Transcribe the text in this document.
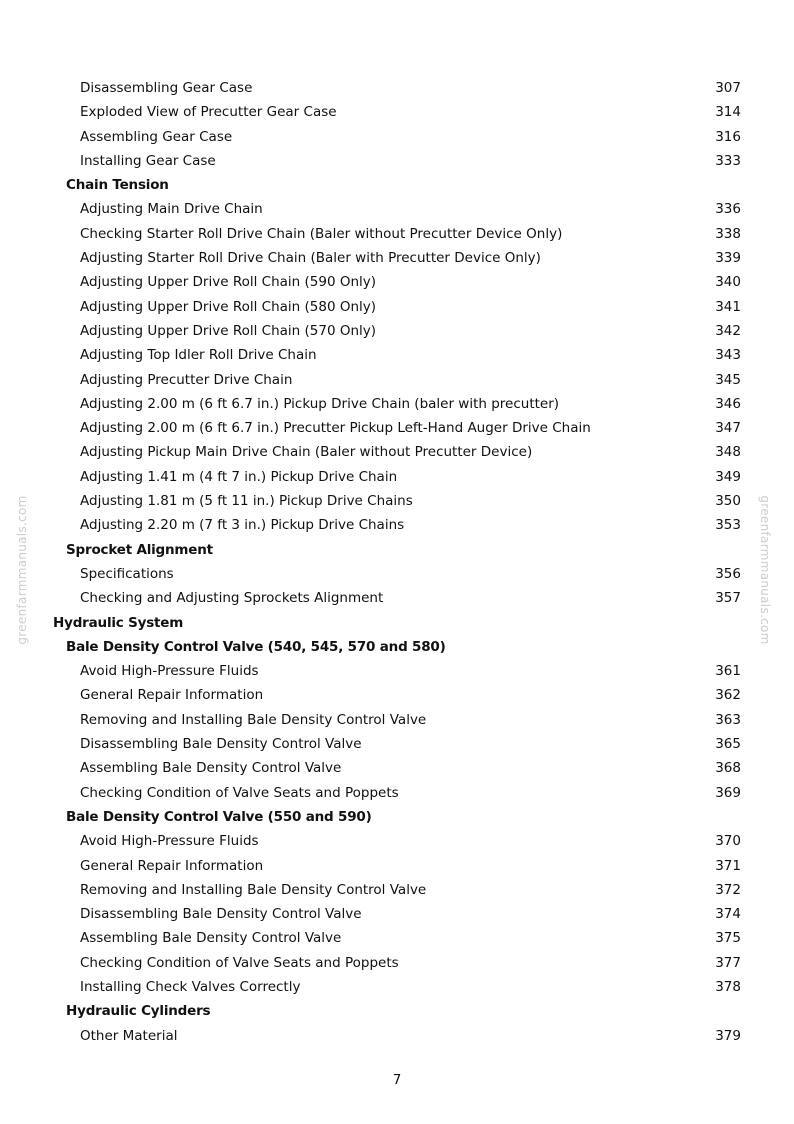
greenfarmmanuals.com	greenfarmmanuals.com
Disassembling Gear Case	307
Exploded View of Precutter Gear Case	314
Assembling Gear Case	316
Installing Gear Case	333
Chain Tension
Adjusting Main Drive Chain	336
Checking Starter Roll Drive Chain (Baler without Precutter Device Only)	338
Adjusting Starter Roll Drive Chain (Baler with Precutter Device Only)	339
Adjusting Upper Drive Roll Chain (590 Only)	340
Adjusting Upper Drive Roll Chain (580 Only)	341
Adjusting Upper Drive Roll Chain (570 Only)	342
Adjusting Top Idler Roll Drive Chain	343
Adjusting Precutter Drive Chain	345
Adjusting 2.00 m (6 ft 6.7 in.) Pickup Drive Chain (baler with precutter)	346
Adjusting 2.00 m (6 ft 6.7 in.) Precutter Pickup Left-Hand Auger Drive Chain	347
Adjusting Pickup Main Drive Chain (Baler without Precutter Device)	348
Adjusting 1.41 m (4 ft 7 in.) Pickup Drive Chain	349
Adjusting 1.81 m (5 ft 11 in.) Pickup Drive Chains	350
Adjusting 2.20 m (7 ft 3 in.) Pickup Drive Chains	353
Sprocket Alignment
Specifications	356
Checking and Adjusting Sprockets Alignment	357
Hydraulic System
Bale Density Control Valve (540, 545, 570 and 580)
Avoid High-Pressure Fluids	361
General Repair Information	362
Removing and Installing Bale Density Control Valve	363
Disassembling Bale Density Control Valve	365
Assembling Bale Density Control Valve	368
Checking Condition of Valve Seats and Poppets	369
Bale Density Control Valve (550 and 590)
Avoid High-Pressure Fluids	370
General Repair Information	371
Removing and Installing Bale Density Control Valve	372
Disassembling Bale Density Control Valve	374
Assembling Bale Density Control Valve	375
Checking Condition of Valve Seats and Poppets	377
Installing Check Valves Correctly	378
Hydraulic Cylinders
Other Material	379
7
